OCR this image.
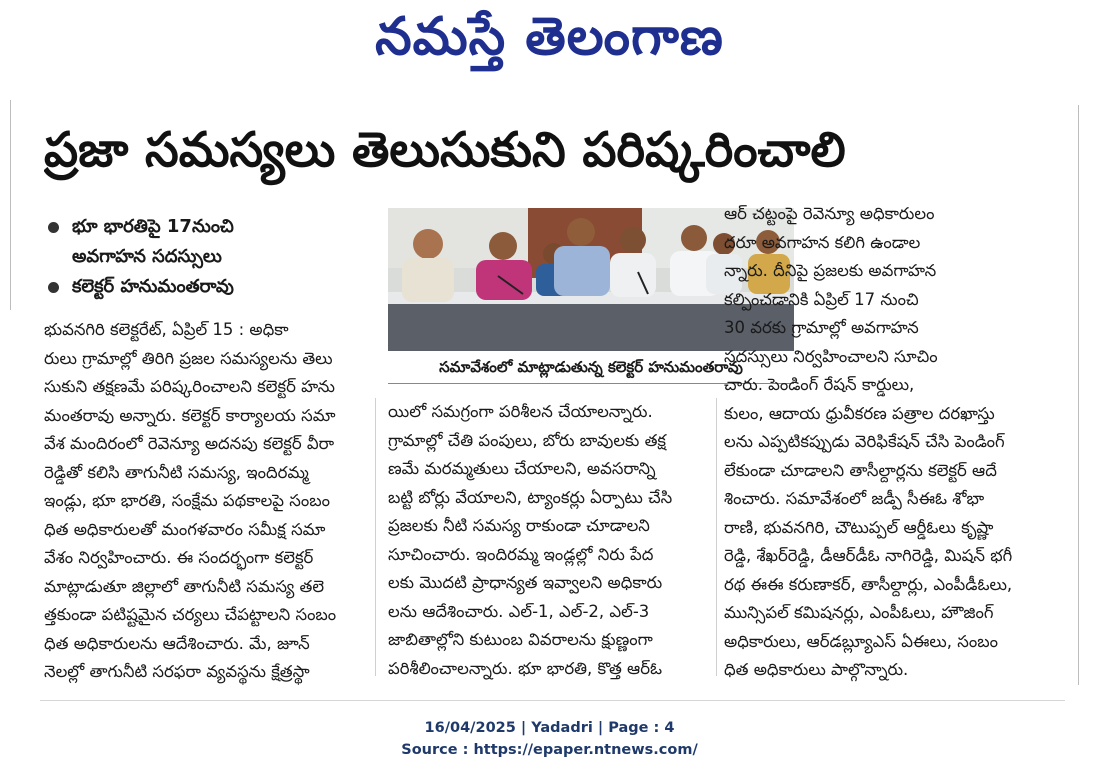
నమస్తే తెలంగాణ
ప్రజా సమస్యలు తెలుసుకుని పరిష్కరించాలి
భూ భారతిపై 17నుంచి
అవగాహన సదస్సులు
కలెక్టర్ హనుమంతరావు
భువనగిరి కలెక్టరేట్, ఏప్రిల్ 15 : అధికా
రులు గ్రామాల్లో తిరిగి ప్రజల సమస్యలను తెలు
సుకుని తక్షణమే పరిష్కరించాలని కలెక్టర్ హను
మంతరావు అన్నారు. కలెక్టర్ కార్యాలయ సమా
వేశ మందిరంలో రెవెన్యూ అదనపు కలెక్టర్ వీరా
రెడ్డితో కలిసి తాగునీటి సమస్య, ఇందిరమ్మ
ఇండ్లు, భూ భారతి, సంక్షేమ పథకాలపై సంబం
ధిత అధికారులతో మంగళవారం సమీక్ష సమా
వేశం నిర్వహించారు. ఈ సందర్భంగా కలెక్టర్
మాట్లాడుతూ జిల్లాలో తాగునీటి సమస్య తలె
త్తకుండా పటిష్టమైన చర్యలు చేపట్టాలని సంబం
ధిత అధికారులను ఆదేశించారు. మే, జూన్
నెలల్లో తాగునీటి సరఫరా వ్యవస్థను క్షేత్రస్థా
సమావేశంలో మాట్లాడుతున్న కలెక్టర్ హనుమంతరావు
యిలో సమగ్రంగా పరిశీలన చేయాలన్నారు.
గ్రామాల్లో చేతి పంపులు, బోరు బావులకు తక్ష
ణమే మరమ్మతులు చేయాలని, అవసరాన్ని
బట్టి బోర్లు వేయాలని, ట్యాంకర్లు ఏర్పాటు చేసి
ప్రజలకు నీటి సమస్య రాకుండా చూడాలని
సూచించారు. ఇందిరమ్మ ఇండ్లల్లో నిరు పేద
లకు మొదటి ప్రాధాన్యత ఇవ్వాలని అధికారు
లను ఆదేశించారు. ఎల్-1, ఎల్-2, ఎల్-3
జాబితాల్లోని కుటుంబ వివరాలను క్షుణ్ణంగా
పరిశీలించాలన్నారు. భూ భారతి, కొత్త ఆర్ఓ
ఆర్ చట్టంపై రెవెన్యూ అధికారులం
దరూ అవగాహన కలిగి ఉండాల
న్నారు. దీనిపై ప్రజలకు అవగాహన
కల్పించడానికి ఏప్రిల్ 17 నుంచి
30 వరకు గ్రామాల్లో అవగాహన
సదస్సులు నిర్వహించాలని సూచిం
చారు. పెండింగ్ రేషన్ కార్డులు,
కులం, ఆదాయ ధ్రువీకరణ పత్రాల దరఖాస్తు
లను ఎప్పటికప్పుడు వెరిఫికేషన్ చేసి పెండింగ్
లేకుండా చూడాలని తాసీల్దార్లను కలెక్టర్ ఆదే
శించారు. సమావేశంలో జడ్పీ సీఈఓ శోభా
రాణి, భువనగిరి, చౌటుప్పల్ ఆర్డీఓలు కృష్ణా
రెడ్డి, శేఖర్‌రెడ్డి, డీఆర్‌డీఓ నాగిరెడ్డి, మిషన్ భగీ
రథ ఈఈ కరుణాకర్, తాసీల్దార్లు, ఎంపీడీఓలు,
మున్సిపల్ కమిషనర్లు, ఎంపీఓలు, హౌజింగ్
అధికారులు, ఆర్‌డబ్ల్యూఎస్ ఏఈలు, సంబం
ధిత అధికారులు పాల్గొన్నారు.
16/04/2025 | Yadadri | Page : 4
Source : https://epaper.ntnews.com/
